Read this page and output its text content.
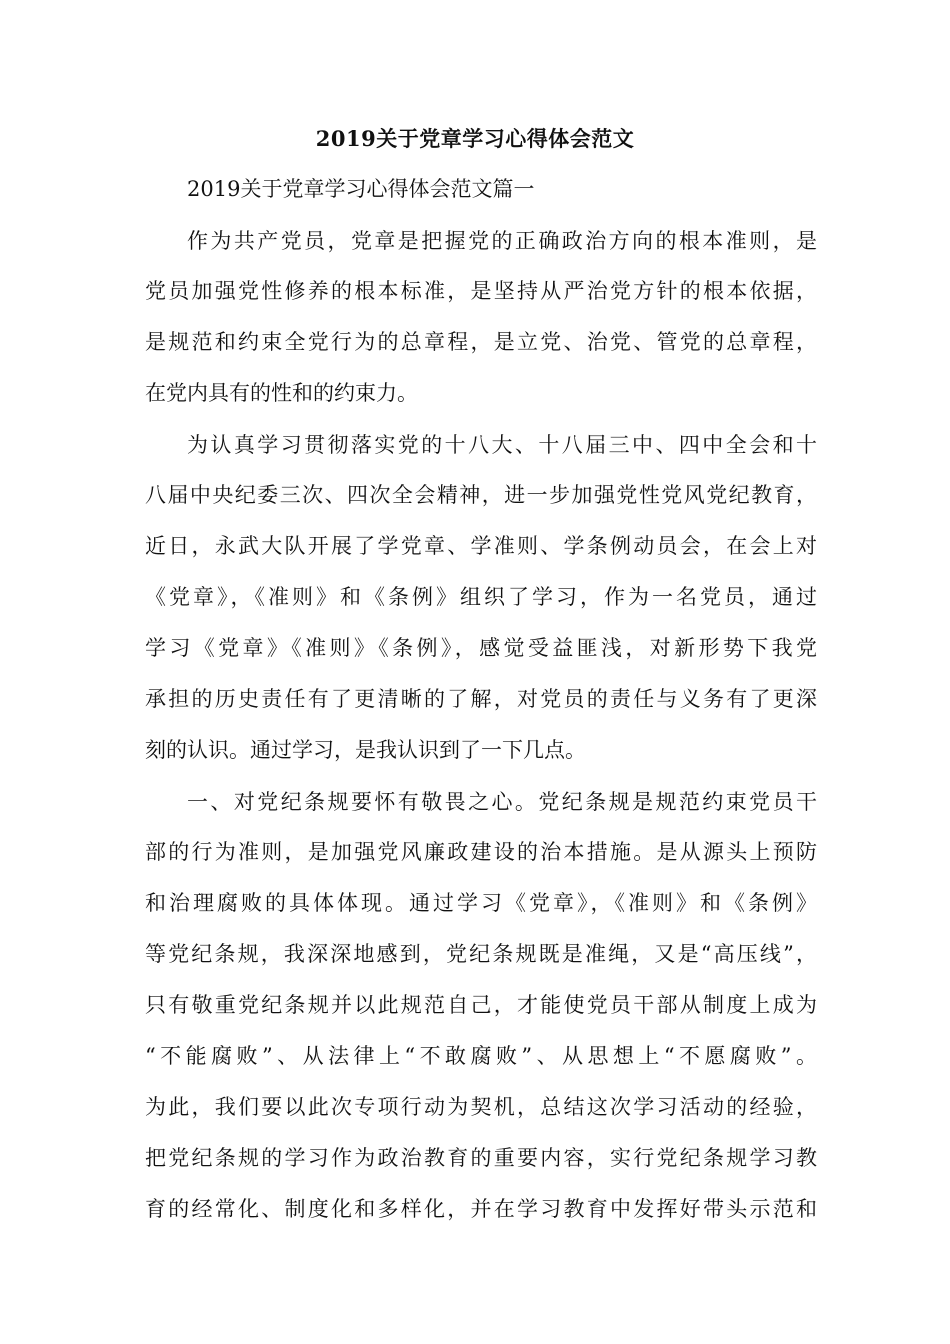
2019关于党章学习心得体会范文
2019关于党章学习心得体会范文篇一
作为共产党员，党章是把握党的正确政治方向的根本准则，是
党员加强党性修养的根本标准，是坚持从严治党方针的根本依据，
是规范和约束全党行为的总章程，是立党、治党、管党的总章程，
在党内具有的性和的约束力。
为认真学习贯彻落实党的十八大、十八届三中、四中全会和十
八届中央纪委三次、四次全会精神，进一步加强党性党风党纪教育，
近日，永武大队开展了学党章、学准则、学条例动员会，在会上对
《党章》，《准则》和《条例》组织了学习，作为一名党员，通过
学习《党章》《准则》《条例》，感觉受益匪浅，对新形势下我党
承担的历史责任有了更清晰的了解，对党员的责任与义务有了更深
刻的认识。通过学习，是我认识到了一下几点。
一、对党纪条规要怀有敬畏之心。党纪条规是规范约束党员干
部的行为准则，是加强党风廉政建设的治本措施。是从源头上预防
和治理腐败的具体体现。通过学习《党章》，《准则》和《条例》
等党纪条规，我深深地感到，党纪条规既是准绳，又是“高压线”，
只有敬重党纪条规并以此规范自己，才能使党员干部从制度上成为
“不能腐败”、从法律上“不敢腐败”、从思想上“不愿腐败”。
为此，我们要以此次专项行动为契机，总结这次学习活动的经验，
把党纪条规的学习作为政治教育的重要内容，实行党纪条规学习教
育的经常化、制度化和多样化，并在学习教育中发挥好带头示范和
